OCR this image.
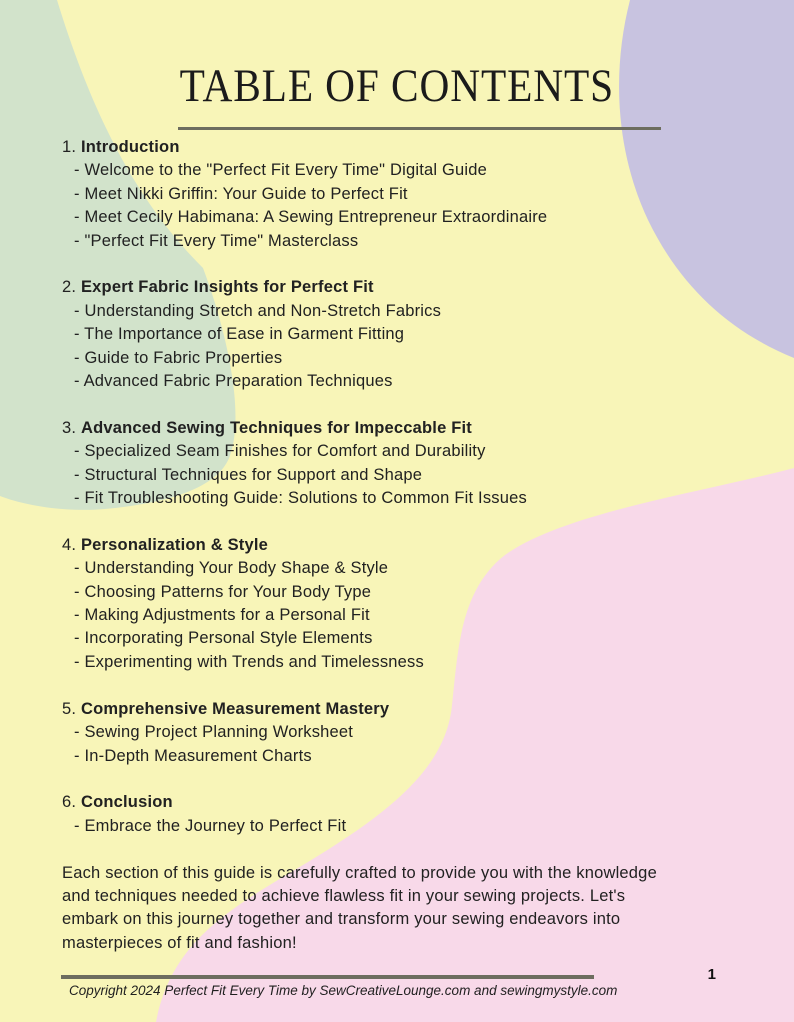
TABLE OF CONTENTS
1. Introduction
- Welcome to the "Perfect Fit Every Time" Digital Guide
- Meet Nikki Griffin: Your Guide to Perfect Fit
- Meet Cecily Habimana: A Sewing Entrepreneur Extraordinaire
- "Perfect Fit Every Time" Masterclass
2. Expert Fabric Insights for Perfect Fit
- Understanding Stretch and Non-Stretch Fabrics
- The Importance of Ease in Garment Fitting
- Guide to Fabric Properties
- Advanced Fabric Preparation Techniques
3. Advanced Sewing Techniques for Impeccable Fit
- Specialized Seam Finishes for Comfort and Durability
- Structural Techniques for Support and Shape
- Fit Troubleshooting Guide: Solutions to Common Fit Issues
4. Personalization & Style
- Understanding Your Body Shape & Style
- Choosing Patterns for Your Body Type
- Making Adjustments for a Personal Fit
- Incorporating Personal Style Elements
- Experimenting with Trends and Timelessness
5. Comprehensive Measurement Mastery
- Sewing Project Planning Worksheet
- In-Depth Measurement Charts
6. Conclusion
- Embrace the Journey to Perfect Fit
Each section of this guide is carefully crafted to provide you with the knowledge
and techniques needed to achieve flawless fit in your sewing projects. Let's
embark on this journey together and transform your sewing endeavors into
masterpieces of fit and fashion!
Copyright 2024 Perfect Fit Every Time by SewCreativeLounge.com and sewingmystyle.com
1
